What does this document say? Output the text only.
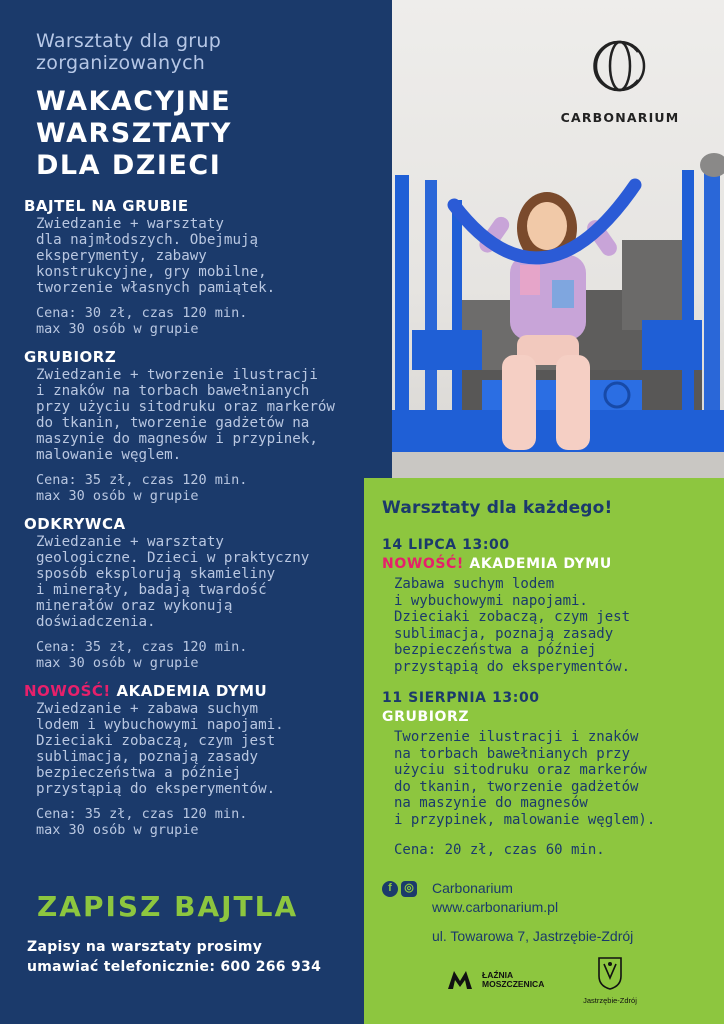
Warsztaty dla grup zorganizowanych
WAKACYJNE
WARSZTATY
DLA DZIECI
BAJTEL NA GRUBIE
Zwiedzanie + warsztaty
dla najmłodszych. Obejmują
eksperymenty, zabawy
konstrukcyjne, gry mobilne,
tworzenie własnych pamiątek.
Cena: 30 zł, czas 120 min.
max 30 osób w grupie
GRUBIORZ
Zwiedzanie + tworzenie ilustracji
i znaków na torbach bawełnianych
przy użyciu sitodruku oraz markerów
do tkanin, tworzenie gadżetów na
maszynie do magnesów i przypinek,
malowanie węglem.
Cena: 35 zł, czas 120 min.
max 30 osób w grupie
ODKRYWCA
Zwiedzanie + warsztaty
geologiczne. Dzieci w praktyczny
sposób eksplorują skamieliny
i minerały, badają twardość
minerałów oraz wykonują
doświadczenia.
Cena: 35 zł, czas 120 min.
max 30 osób w grupie
NOWOŚĆ! AKADEMIA DYMU
Zwiedzanie + zabawa suchym
lodem i wybuchowymi napojami.
Dzieciaki zobaczą, czym jest
sublimacja, poznają zasady
bezpieczeństwa a później
przystąpią do eksperymentów.
Cena: 35 zł, czas 120 min.
max 30 osób w grupie
ZAPISZ BAJTLA
Zapisy na warsztaty prosimy
umawiać telefonicznie: 600 266 934
CARBONARIUM
Warsztaty dla każdego!
14 LIPCA 13:00
NOWOŚĆ! AKADEMIA DYMU
Zabawa suchym lodem
i wybuchowymi napojami.
Dzieciaki zobaczą, czym jest
sublimacja, poznają zasady
bezpieczeństwa a później
przystąpią do eksperymentów.
11 SIERPNIA 13:00
GRUBIORZ
Tworzenie ilustracji i znaków
na torbach bawełnianych przy
użyciu sitodruku oraz markerów
do tkanin, tworzenie gadżetów
na maszynie do magnesów
i przypinek, malowanie węglem).
Cena: 20 zł, czas 60 min.
f	◎ Carbonarium
www.carbonarium.pl
ul. Towarowa 7, Jastrzębie-Zdrój
ŁAŹNIA MOSZCZENICA
Jastrzębie-Zdrój
